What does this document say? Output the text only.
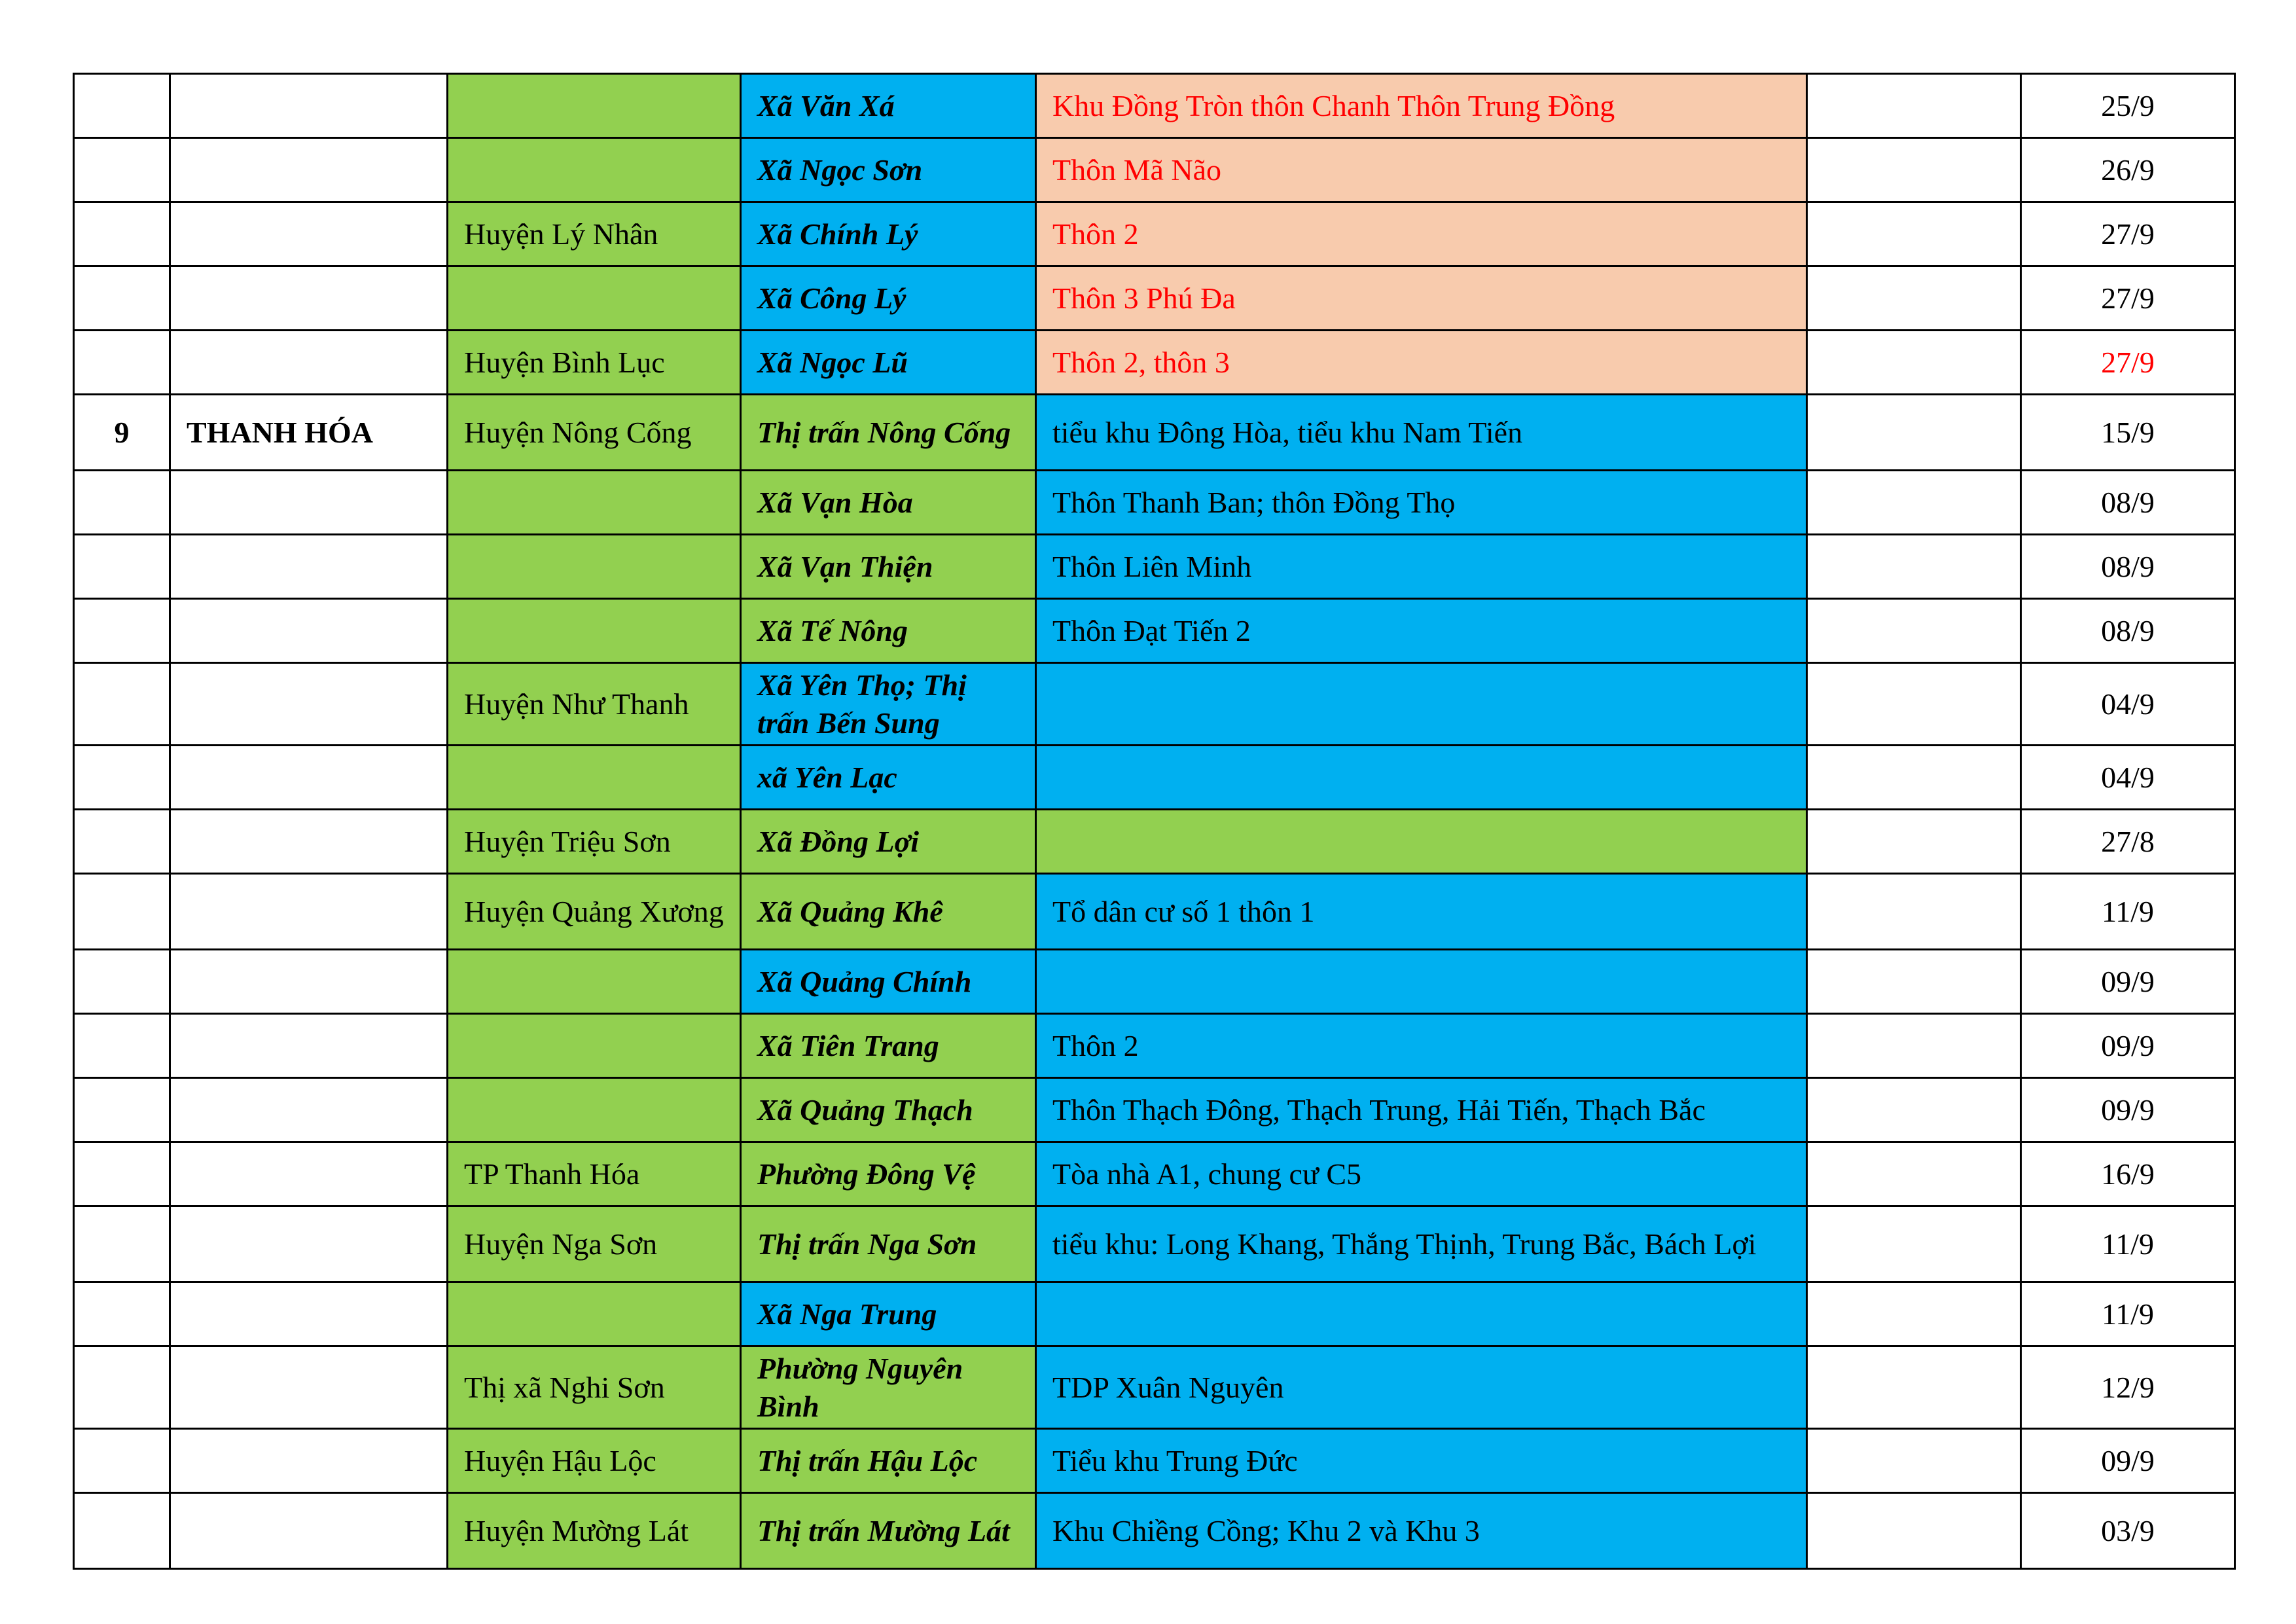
			Xã Văn Xá	Khu Đồng Tròn thôn Chanh Thôn Trung Đồng		25/9
			Xã Ngọc Sơn	Thôn Mã Não		26/9
		Huyện Lý Nhân	Xã Chính Lý	Thôn 2		27/9
			Xã Công Lý	Thôn 3 Phú Đa		27/9
		Huyện Bình Lục	Xã Ngọc Lũ	Thôn 2, thôn 3		27/9
9	THANH HÓA	Huyện Nông Cống	Thị trấn Nông Cống	tiểu khu Đông Hòa, tiểu khu Nam Tiến		15/9
			Xã Vạn Hòa	Thôn Thanh Ban; thôn Đồng Thọ		08/9
			Xã Vạn Thiện	Thôn Liên Minh		08/9
			Xã Tế Nông	Thôn Đạt Tiến 2		08/9
		Huyện Như Thanh	Xã Yên Thọ; Thị trấn Bến Sung			04/9
			xã Yên Lạc			04/9
		Huyện Triệu Sơn	Xã Đồng Lợi			27/8
		Huyện Quảng Xương	Xã Quảng Khê	Tổ dân cư số 1 thôn 1		11/9
			Xã Quảng Chính			09/9
			Xã Tiên Trang	Thôn 2		09/9
			Xã Quảng Thạch	Thôn Thạch Đông, Thạch Trung, Hải Tiến, Thạch Bắc		09/9
		TP Thanh Hóa	Phường Đông Vệ	Tòa nhà A1, chung cư C5		16/9
		Huyện Nga Sơn	Thị trấn Nga Sơn	tiểu khu: Long Khang, Thắng Thịnh, Trung Bắc, Bách Lợi		11/9
			Xã Nga Trung			11/9
		Thị xã Nghi Sơn	Phường Nguyên Bình	TDP Xuân Nguyên		12/9
		Huyện Hậu Lộc	Thị trấn Hậu Lộc	Tiểu khu Trung Đức		09/9
		Huyện Mường Lát	Thị trấn Mường Lát	Khu Chiềng Cồng; Khu 2 và Khu 3		03/9
